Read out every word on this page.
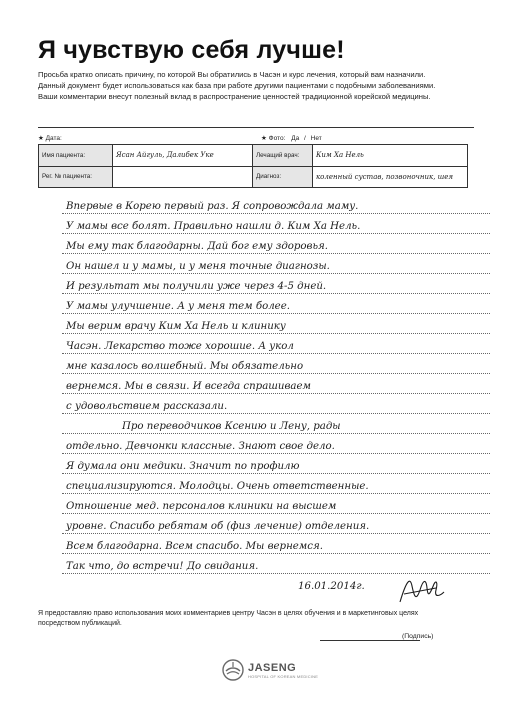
Я чувствую себя лучше!
Просьба кратко описать причину, по которой Вы обратились в Часэн и курс лечения, который вам назначили.
Данный документ будет использоваться как база при работе другими пациентами с подобными заболеваниями.
Ваши комментарии внесут полезный вклад в распространение ценностей традиционной корейской медицины.
★ Дата:	★ Фото: Да / Нет
Имя пациента:	Ясан Айгуль, Далибек Уке	Лечащий врач:	Ким Ха Нель
Рег. № пациента:		Диагноз:	коленный сустав, позвоночник, шея
Впервые в Корею первый раз. Я сопровождала маму.
У мамы все болят. Правильно нашли д. Ким Ха Нель.
Мы ему так благодарны. Дай бог ему здоровья.
Он нашел и у мамы, и у меня точные диагнозы.
И результат мы получили уже через 4-5 дней.
У мамы улучшение. А у меня тем более.
Мы верим врачу Ким Ха Нель и клинику
Часэн. Лекарство тоже хорошие. А укол
мне казалось волшебный. Мы обязательно
вернемся. Мы в связи. И всегда спрашиваем
с удовольствием рассказали.
Про переводчиков Ксению и Лену, рады
отдельно. Девчонки классные. Знают свое дело.
Я думала они медики. Значит по профилю
специализируются. Молодцы. Очень ответственные.
Отношение мед. персоналов клиники на высшем
уровне. Спасибо ребятам об (физ лечение) отделения.
Всем благодарна. Всем спасибо. Мы вернемся.
Так что, до встречи! До свидания.
16.01.2014г.
Я предоставляю право использования моих комментариев центру Часэн в целях обучения и в маркетинговых целях
посредством публикаций.
(Подпись)
JASENG
HOSPITAL OF KOREAN MEDICINE
